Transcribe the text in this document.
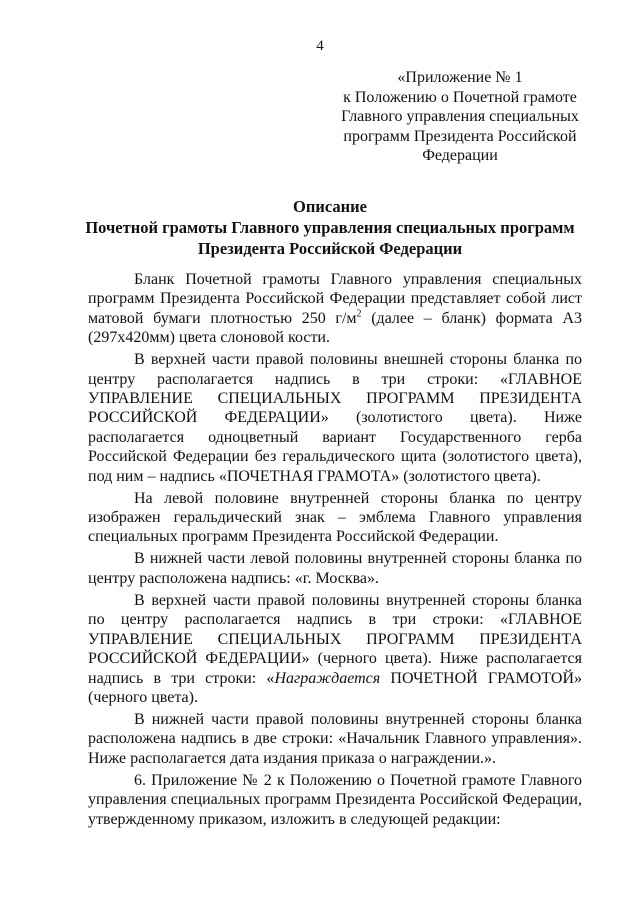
4
«Приложение № 1
к Положению о Почетной грамоте
Главного управления специальных
программ Президента Российской
Федерации
Описание
Почетной грамоты Главного управления специальных программ
Президента Российской Федерации

Бланк Почетной грамоты Главного управления специальных программ Президента Российской Федерации представляет собой лист матовой бумаги плотностью 250 $г/м^2$ (далее – бланк) формата А3 (297х420мм) цвета слоновой кости.

В верхней части правой половины внешней стороны бланка по центру располагается надпись в три строки: «ГЛАВНОЕ УПРАВЛЕНИЕ СПЕЦИАЛЬНЫХ ПРОГРАММ ПРЕЗИДЕНТА РОССИЙСКОЙ ФЕДЕРАЦИИ» (золотистого цвета). Ниже располагается одноцветный вариант Государственного герба Российской Федерации без геральдического щита (золотистого цвета), под ним – надпись «ПОЧЕТНАЯ ГРАМОТА» (золотистого цвета).

На левой половине внутренней стороны бланка по центру изображен геральдический знак – эмблема Главного управления специальных программ Президента Российской Федерации.

В нижней части левой половины внутренней стороны бланка по центру расположена надпись: «г. Москва».

В верхней части правой половины внутренней стороны бланка по центру располагается надпись в три строки: «ГЛАВНОЕ УПРАВЛЕНИЕ СПЕЦИАЛЬНЫХ ПРОГРАММ ПРЕЗИДЕНТА РОССИЙСКОЙ ФЕДЕРАЦИИ» (черного цвета). Ниже располагается надпись в три строки: «Награждается ПОЧЕТНОЙ ГРАМОТОЙ» (черного цвета).

В нижней части правой половины внутренней стороны бланка расположена надпись в две строки: «Начальник Главного управления». Ниже располагается дата издания приказа о награждении.».

6. Приложение № 2 к Положению о Почетной грамоте Главного управления специальных программ Президента Российской Федерации, утвержденному приказом, изложить в следующей редакции:
